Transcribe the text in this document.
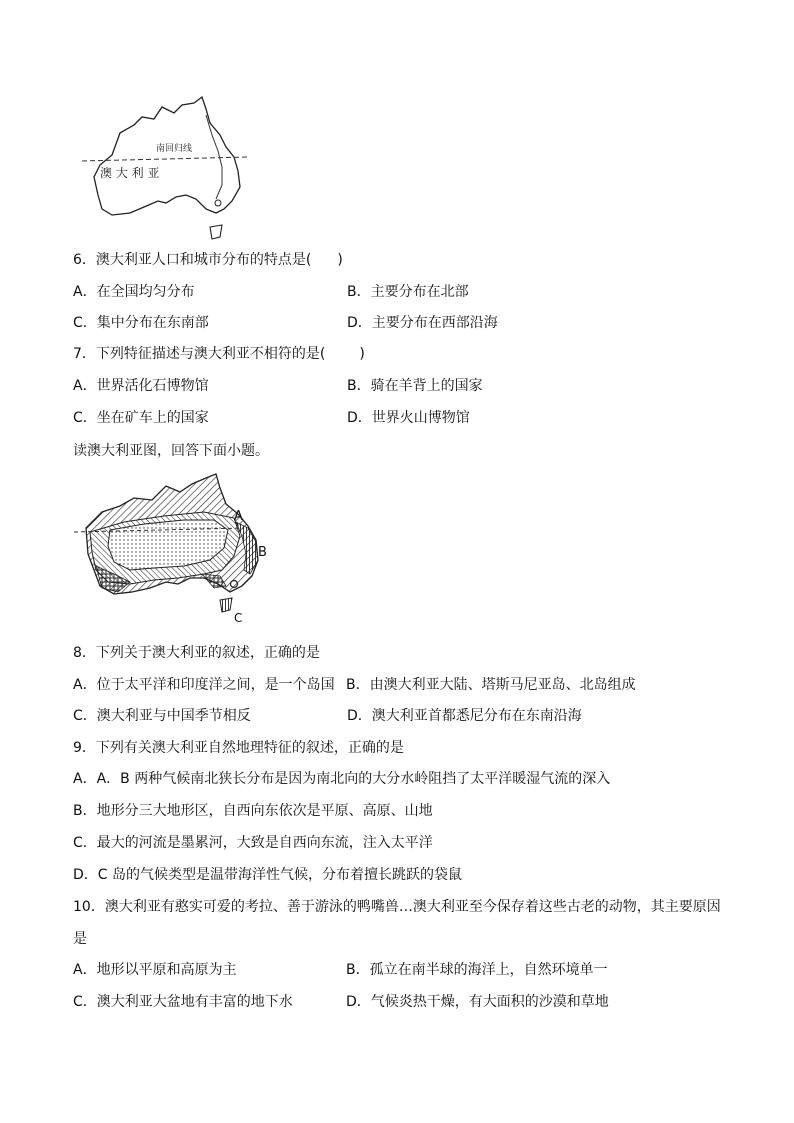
南回归线
澳 大 利 亚
6．澳大利亚人口和城市分布的特点是( )
A．在全国均匀分布	B．主要分布在北部
C．集中分布在东南部	D．主要分布在西部沿海
7．下列特征描述与澳大利亚不相符的是( )
A．世界活化石博物馆	B．骑在羊背上的国家
C．坐在矿车上的国家	D．世界火山博物馆
读澳大利亚图，回答下面小题。
A
B
C
8．下列关于澳大利亚的叙述，正确的是
A．位于太平洋和印度洋之间，是一个岛国 B．由澳大利亚大陆、塔斯马尼亚岛、北岛组成
C．澳大利亚与中国季节相反	D．澳大利亚首都悉尼分布在东南沿海
9．下列有关澳大利亚自然地理特征的叙述，正确的是
A．A．B 两种气候南北狭长分布是因为南北向的大分水岭阻挡了太平洋暖湿气流的深入
B．地形分三大地形区，自西向东依次是平原、高原、山地
C．最大的河流是墨累河，大致是自西向东流，注入太平洋
D．C 岛的气候类型是温带海洋性气候，分布着擅长跳跃的袋鼠
10．澳大利亚有憨实可爱的考拉、善于游泳的鸭嘴兽…澳大利亚至今保存着这些古老的动物，其主要原因
是
A．地形以平原和高原为主	B．孤立在南半球的海洋上，自然环境单一
C．澳大利亚大盆地有丰富的地下水	D．气候炎热干燥，有大面积的沙漠和草地
